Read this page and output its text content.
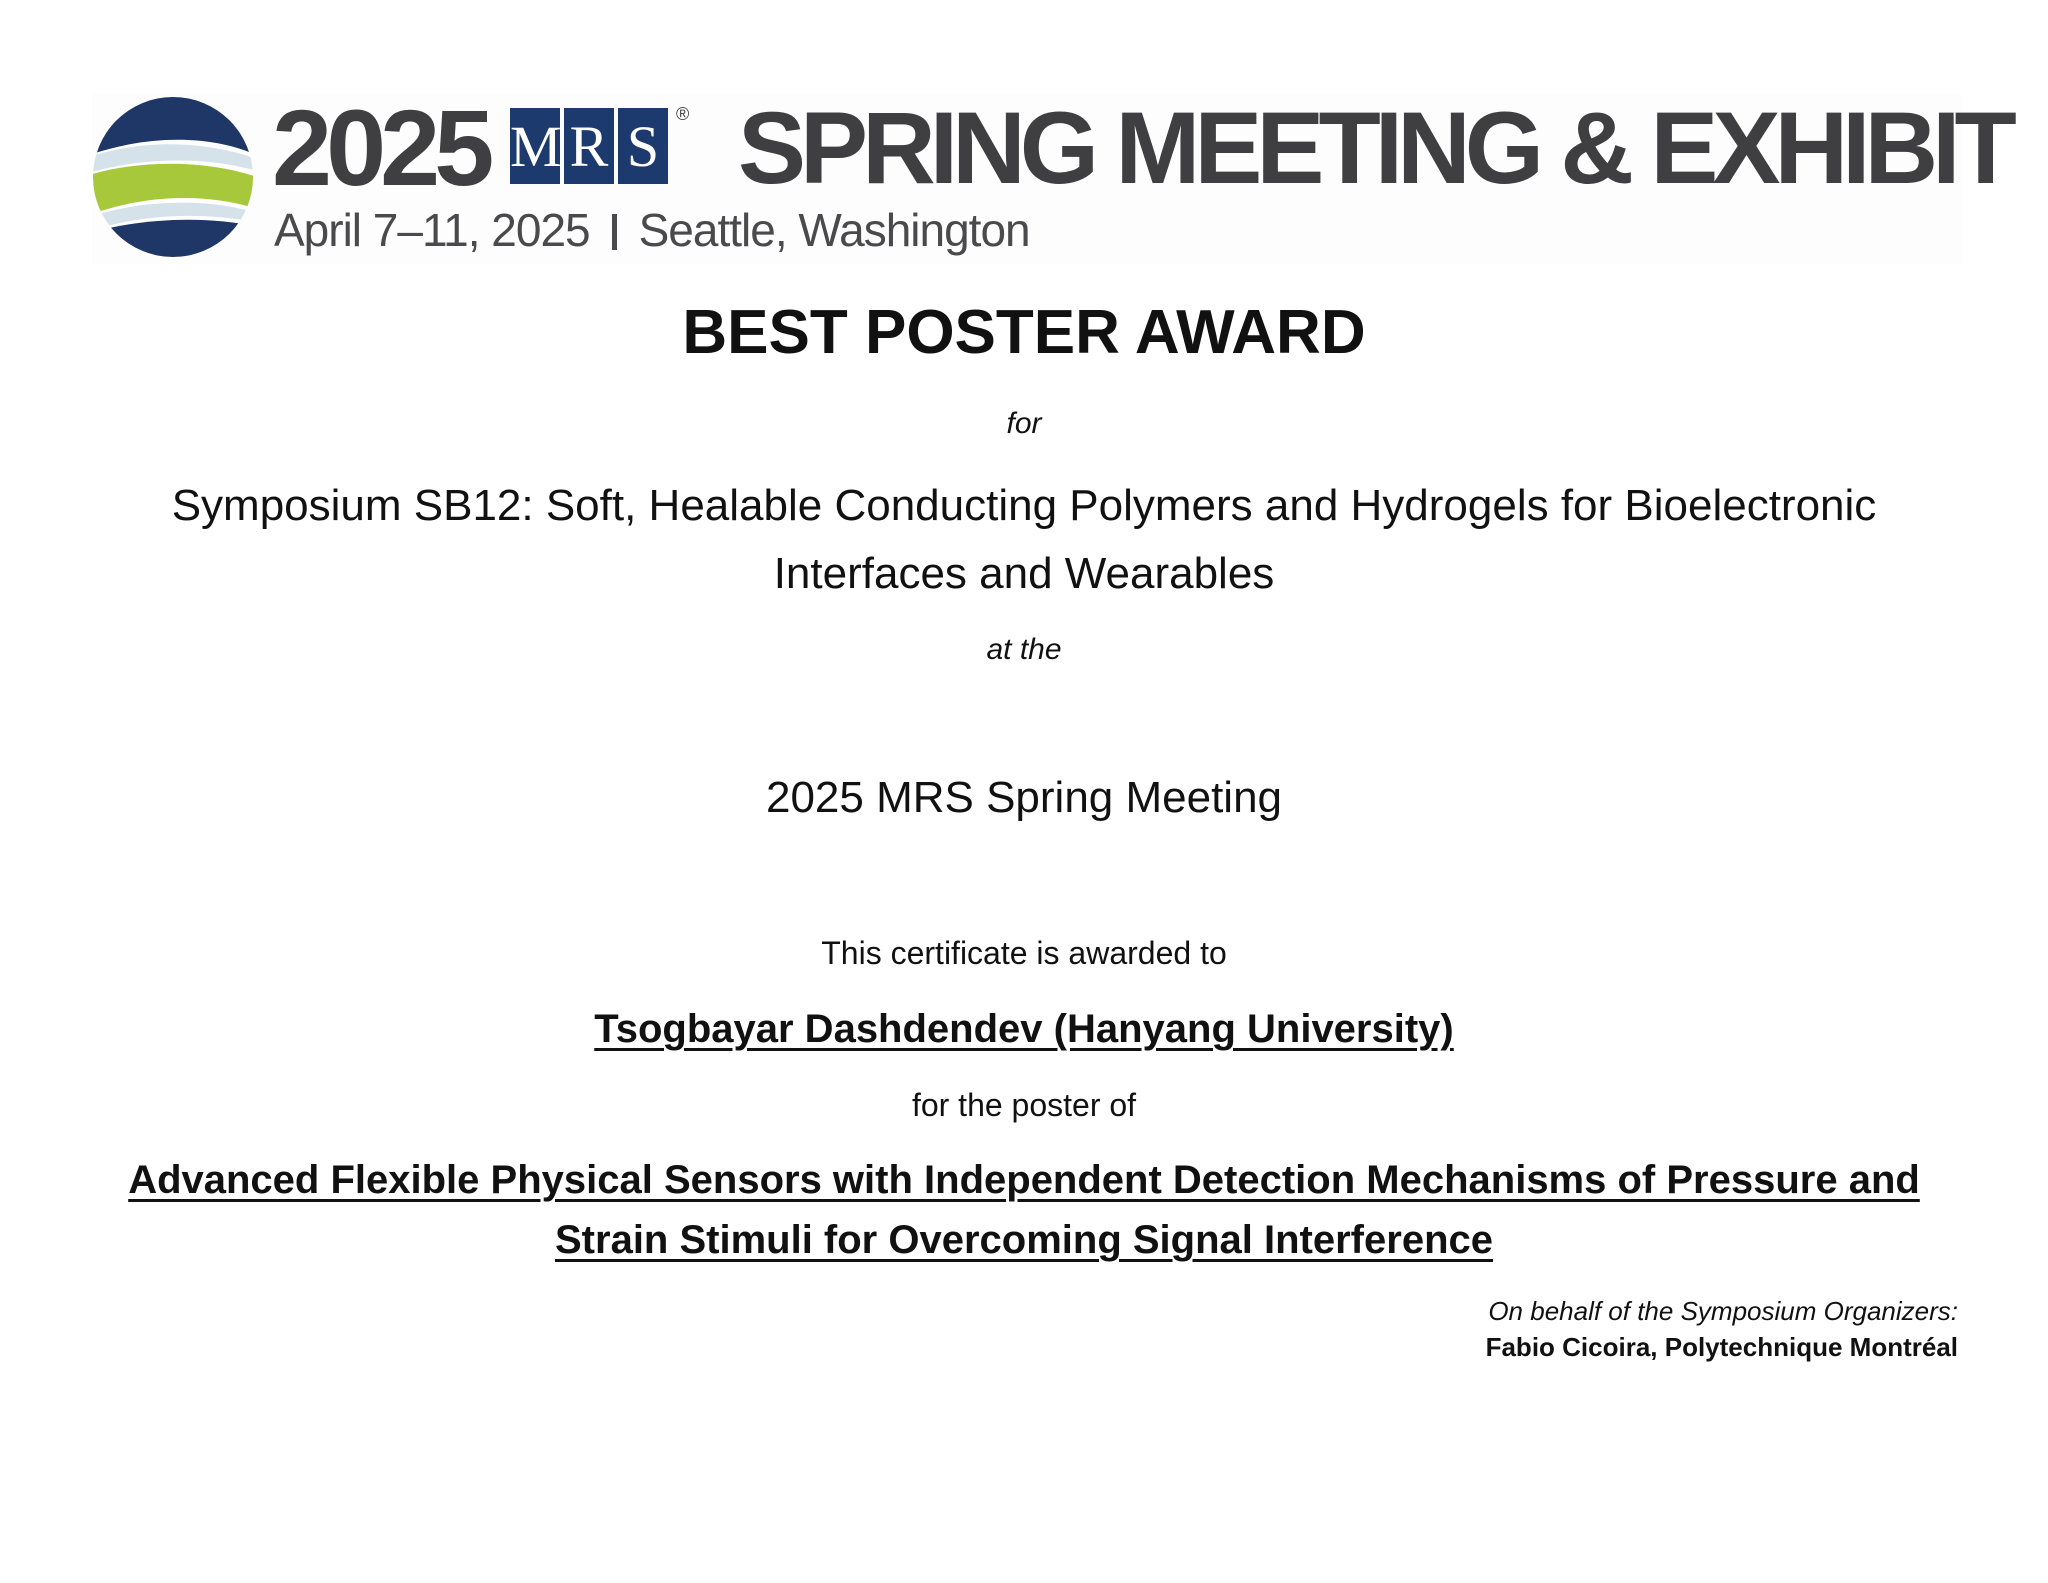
2025 M R S ® SPRING MEETING & EXHIBIT
April 7–11, 2025 Seattle, Washington
BEST POSTER AWARD
for
Symposium SB12: Soft, Healable Conducting Polymers and Hydrogels for Bioelectronic Interfaces and Wearables
at the
2025 MRS Spring Meeting
This certificate is awarded to
Tsogbayar Dashdendev (Hanyang University)
for the poster of
Advanced Flexible Physical Sensors with Independent Detection Mechanisms of Pressure and Strain Stimuli for Overcoming Signal Interference
On behalf of the Symposium Organizers:
Fabio Cicoira, Polytechnique Montréal
